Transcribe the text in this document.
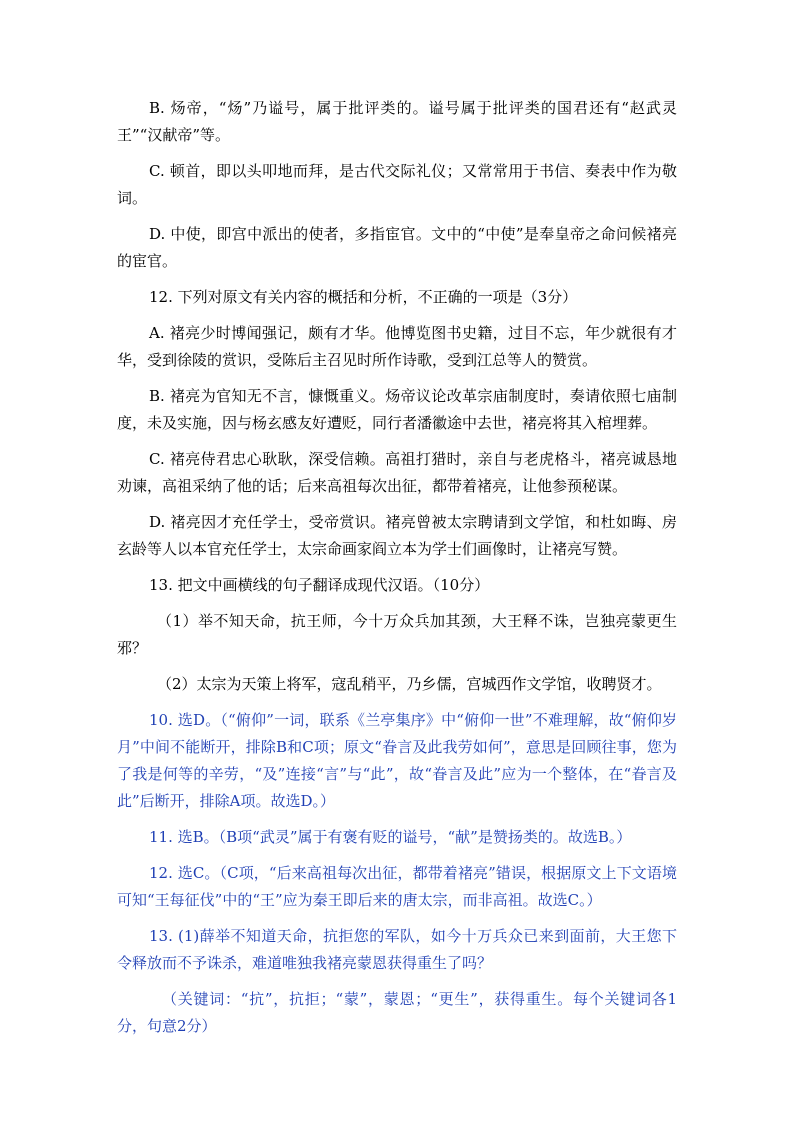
B. 炀帝，“炀”乃谥号，属于批评类的。谥号属于批评类的国君还有“赵武灵王”“汉献帝”等。

C. 顿首，即以头叩地而拜，是古代交际礼仪；又常常用于书信、奏表中作为敬词。

D. 中使，即宫中派出的使者，多指宦官。文中的“中使”是奉皇帝之命问候褚亮的宦官。

12. 下列对原文有关内容的概括和分析，不正确的一项是（3分）

A. 褚亮少时博闻强记，颇有才华。他博览图书史籍，过目不忘，年少就很有才华，受到徐陵的赏识，受陈后主召见时所作诗歌，受到江总等人的赞赏。

B. 褚亮为官知无不言，慷慨重义。炀帝议论改革宗庙制度时，奏请依照七庙制度，未及实施，因与杨玄感友好遭贬，同行者潘徽途中去世，褚亮将其入棺埋葬。

C. 褚亮侍君忠心耿耿，深受信赖。高祖打猎时，亲自与老虎格斗，褚亮诚恳地劝谏，高祖采纳了他的话；后来高祖每次出征，都带着褚亮，让他参预秘谋。

D. 褚亮因才充任学士，受帝赏识。褚亮曾被太宗聘请到文学馆，和杜如晦、房玄龄等人以本官充任学士，太宗命画家阎立本为学士们画像时，让褚亮写赞。

13. 把文中画横线的句子翻译成现代汉语。（10分）

（1）举不知天命，抗王师，今十万众兵加其颈，大王释不诛，岂独亮蒙更生邪？

（2）太宗为天策上将军，寇乱稍平，乃乡儒，宫城西作文学馆，收聘贤才。

10. 选D。（“俯仰”一词，联系《兰亭集序》中“俯仰一世”不难理解，故“俯仰岁月”中间不能断开，排除B和C项；原文“眷言及此我劳如何”，意思是回顾往事，您为了我是何等的辛劳，“及”连接“言”与“此”，故“眷言及此”应为一个整体，在“眷言及此”后断开，排除A项。故选D。）

11. 选B。（B项“武灵”属于有褒有贬的谥号，“献”是赞扬类的。故选B。）

12. 选C。（C项，“后来高祖每次出征，都带着褚亮”错误，根据原文上下文语境可知“王每征伐”中的“王”应为秦王即后来的唐太宗，而非高祖。故选C。）

13. (1)薛举不知道天命，抗拒您的军队，如今十万兵众已来到面前，大王您下令释放而不予诛杀，难道唯独我褚亮蒙恩获得重生了吗？

（关键词：“抗”，抗拒；“蒙”，蒙恩；“更生”，获得重生。每个关键词各1分，句意2分）
